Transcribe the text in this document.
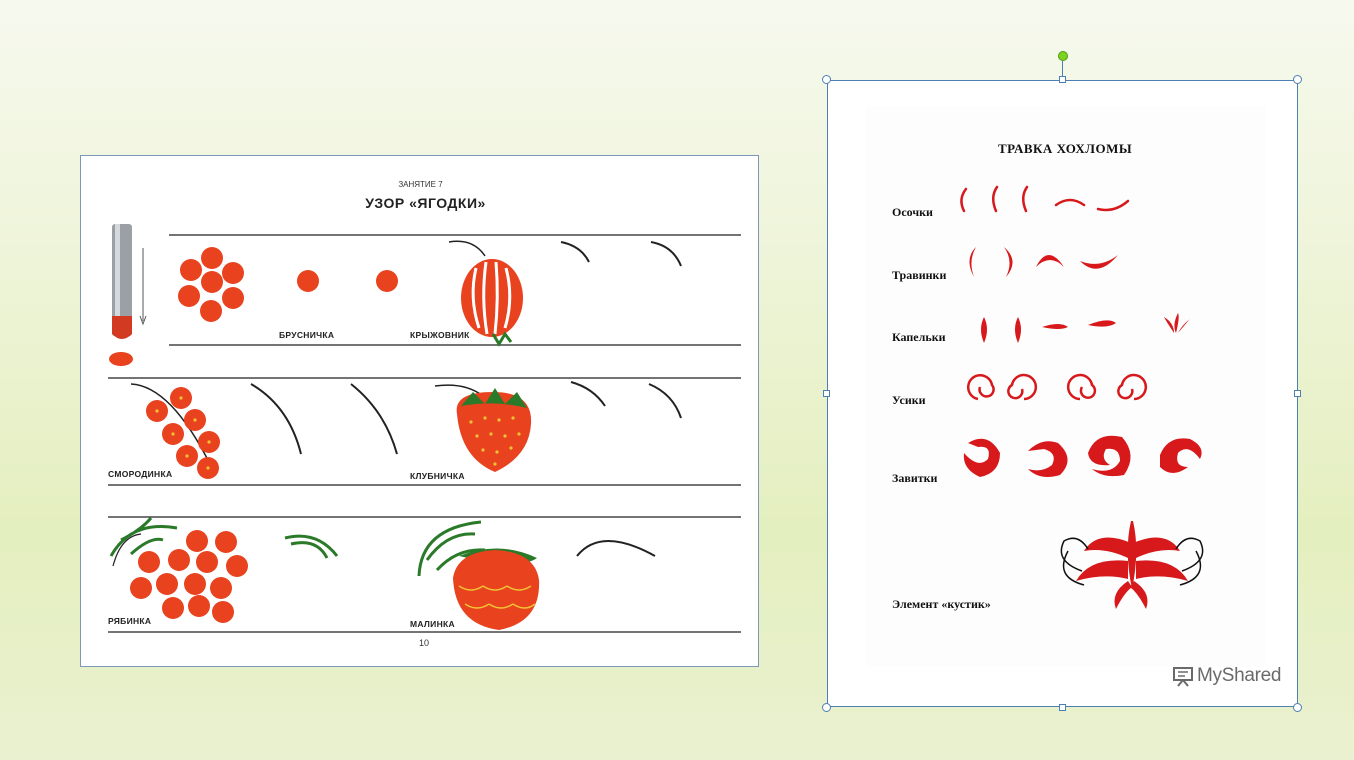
ЗАНЯТИЕ 7
УЗОР «ЯГОДКИ»
БРУСНИЧКА	КРЫЖОВНИК
СМОРОДИНКА	КЛУБНИЧКА
РЯБИНКА	МАЛИНКА
10
ТРАВКА ХОХЛОМЫ
Осочки
Травинки
Капельки
Усики
Завитки
Элемент «кустик»
MyShared
